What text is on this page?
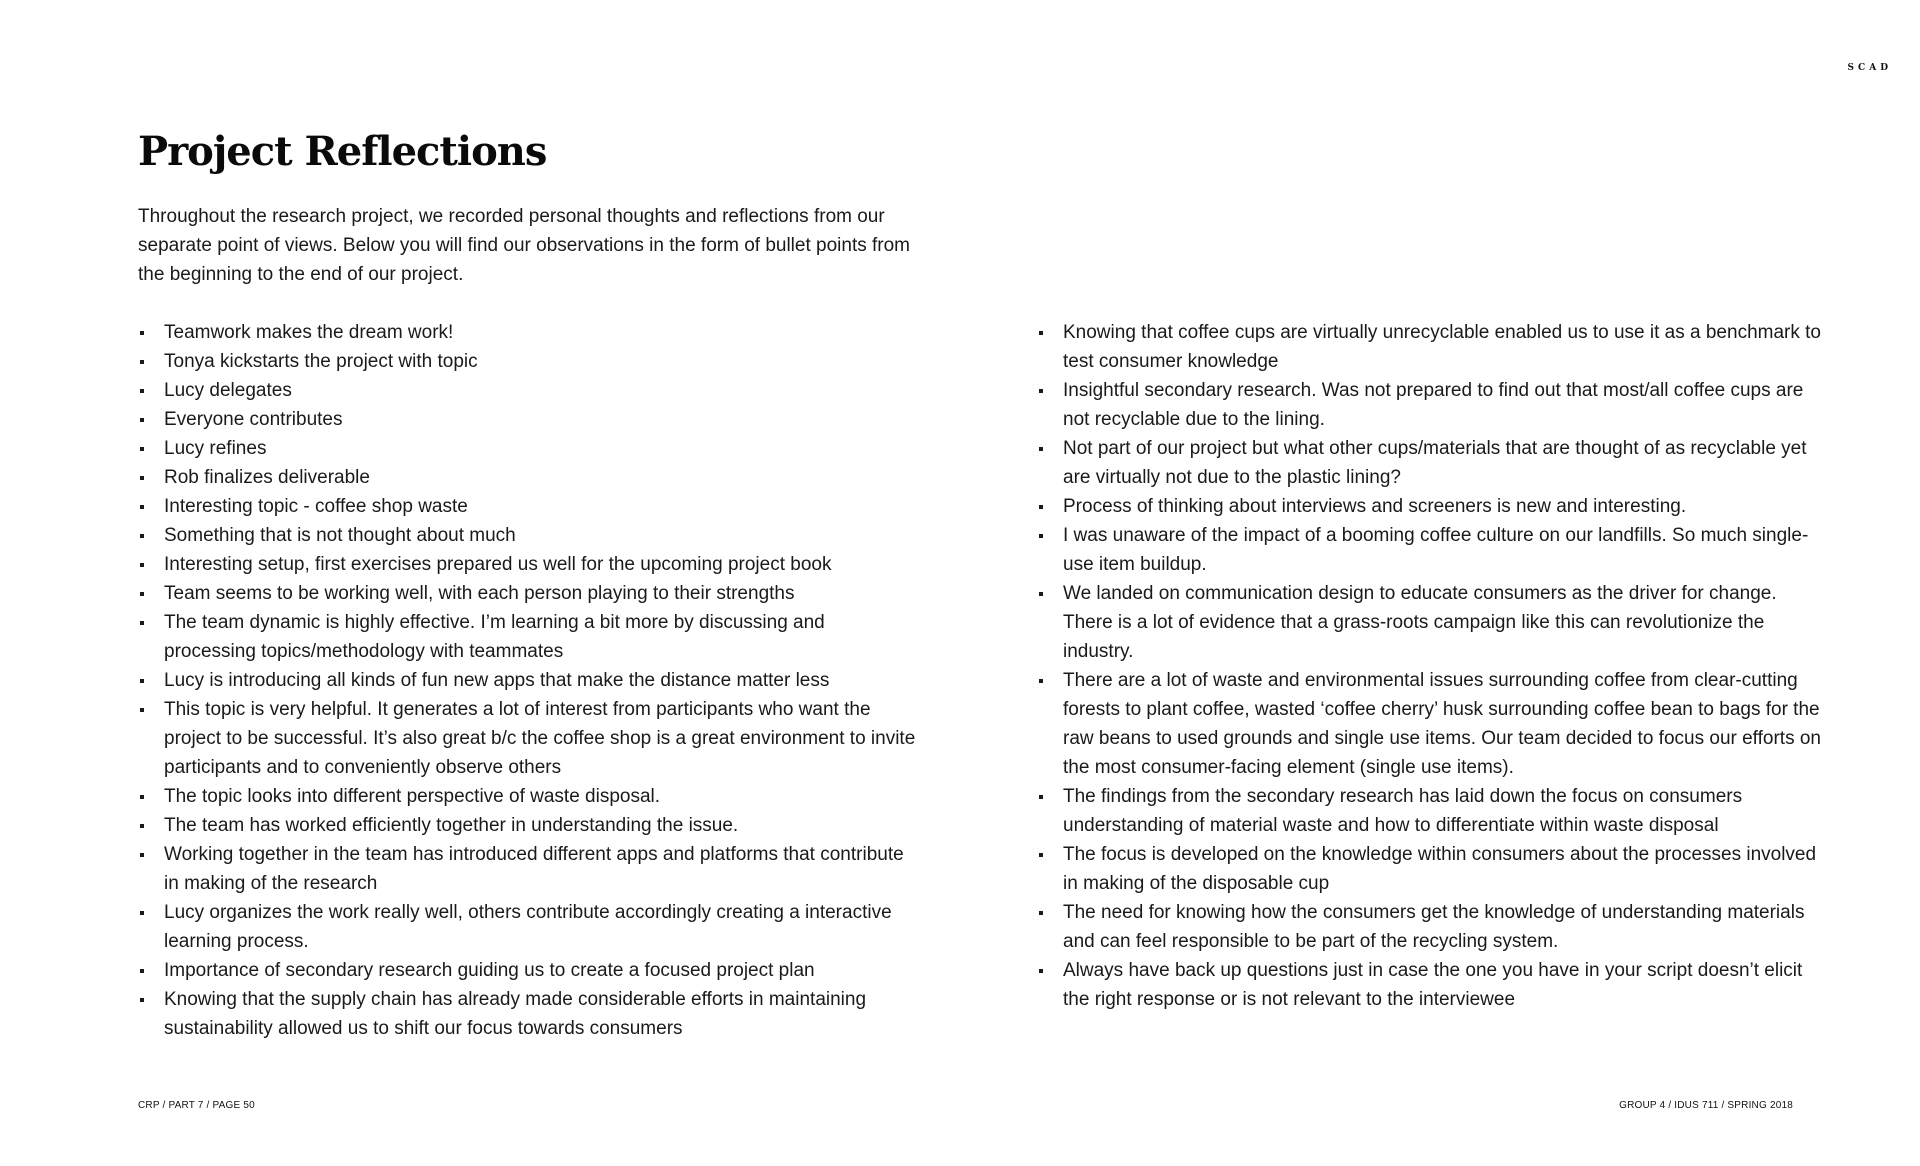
SCAD
Project Reflections

Throughout the research project, we recorded personal thoughts and reflections from our separate point of views. Below you will find our observations in the form of bullet points from the beginning to the end of our project.

Teamwork makes the dream work!
Tonya kickstarts the project with topic
Lucy delegates
Everyone contributes
Lucy refines
Rob finalizes deliverable
Interesting topic - coffee shop waste
Something that is not thought about much
Interesting setup, first exercises prepared us well for the upcoming project book
Team seems to be working well, with each person playing to their strengths
The team dynamic is highly effective. I’m learning a bit more by discussing and processing topics/methodology with teammates
Lucy is introducing all kinds of fun new apps that make the distance matter less
This topic is very helpful. It generates a lot of interest from participants who want the project to be successful. It’s also great b/c the coffee shop is a great environment to invite participants and to conveniently observe others
The topic looks into different perspective of waste disposal.
The team has worked efficiently together in understanding the issue.
Working together in the team has introduced different apps and platforms that contribute in making of the research
Lucy organizes the work really well, others contribute accordingly creating a interactive learning process.
Importance of secondary research guiding us to create a focused project plan
Knowing that the supply chain has already made considerable efforts in maintaining sustainability allowed us to shift our focus towards consumers
Knowing that coffee cups are virtually unrecyclable enabled us to use it as a benchmark to test consumer knowledge
Insightful secondary research. Was not prepared to find out that most/all coffee cups are not recyclable due to the lining.
Not part of our project but what other cups/materials that are thought of as recyclable yet are virtually not due to the plastic lining?
Process of thinking about interviews and screeners is new and interesting.
I was unaware of the impact of a booming coffee culture on our landfills. So much single-use item buildup.
We landed on communication design to educate consumers as the driver for change. There is a lot of evidence that a grass-roots campaign like this can revolutionize the industry.
There are a lot of waste and environmental issues surrounding coffee from clear-cutting forests to plant coffee, wasted ‘coffee cherry’ husk surrounding coffee bean to bags for the raw beans to used grounds and single use items. Our team decided to focus our efforts on the most consumer-facing element (single use items).
The findings from the secondary research has laid down the focus on consumers understanding of material waste and how to differentiate within waste disposal
The focus is developed on the knowledge within consumers about the processes involved in making of the disposable cup
The need for knowing how the consumers get the knowledge of understanding materials and can feel responsible to be part of the recycling system.
Always have back up questions just in case the one you have in your script doesn’t elicit the right response or is not relevant to the interviewee
CRP / PART 7 / PAGE 50	GROUP 4 / IDUS 711 / SPRING 2018
